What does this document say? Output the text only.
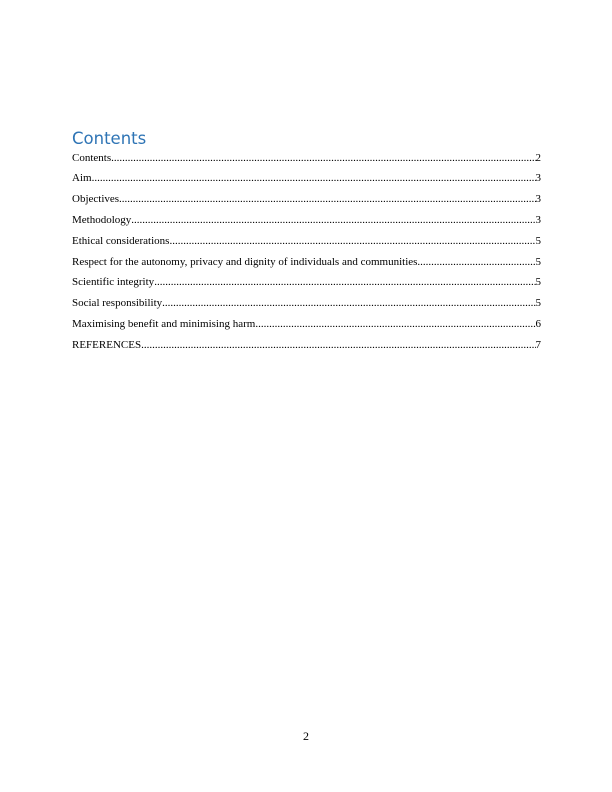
Contents
Contents .....	2
Aim .....	3
Objectives .....	3
Methodology .....	3
Ethical considerations .....	5
Respect for the autonomy, privacy and dignity of individuals and communities .....	5
Scientific integrity .....	5
Social responsibility .....	5
Maximising benefit and minimising harm .....	6
REFERENCES .....	7
2
